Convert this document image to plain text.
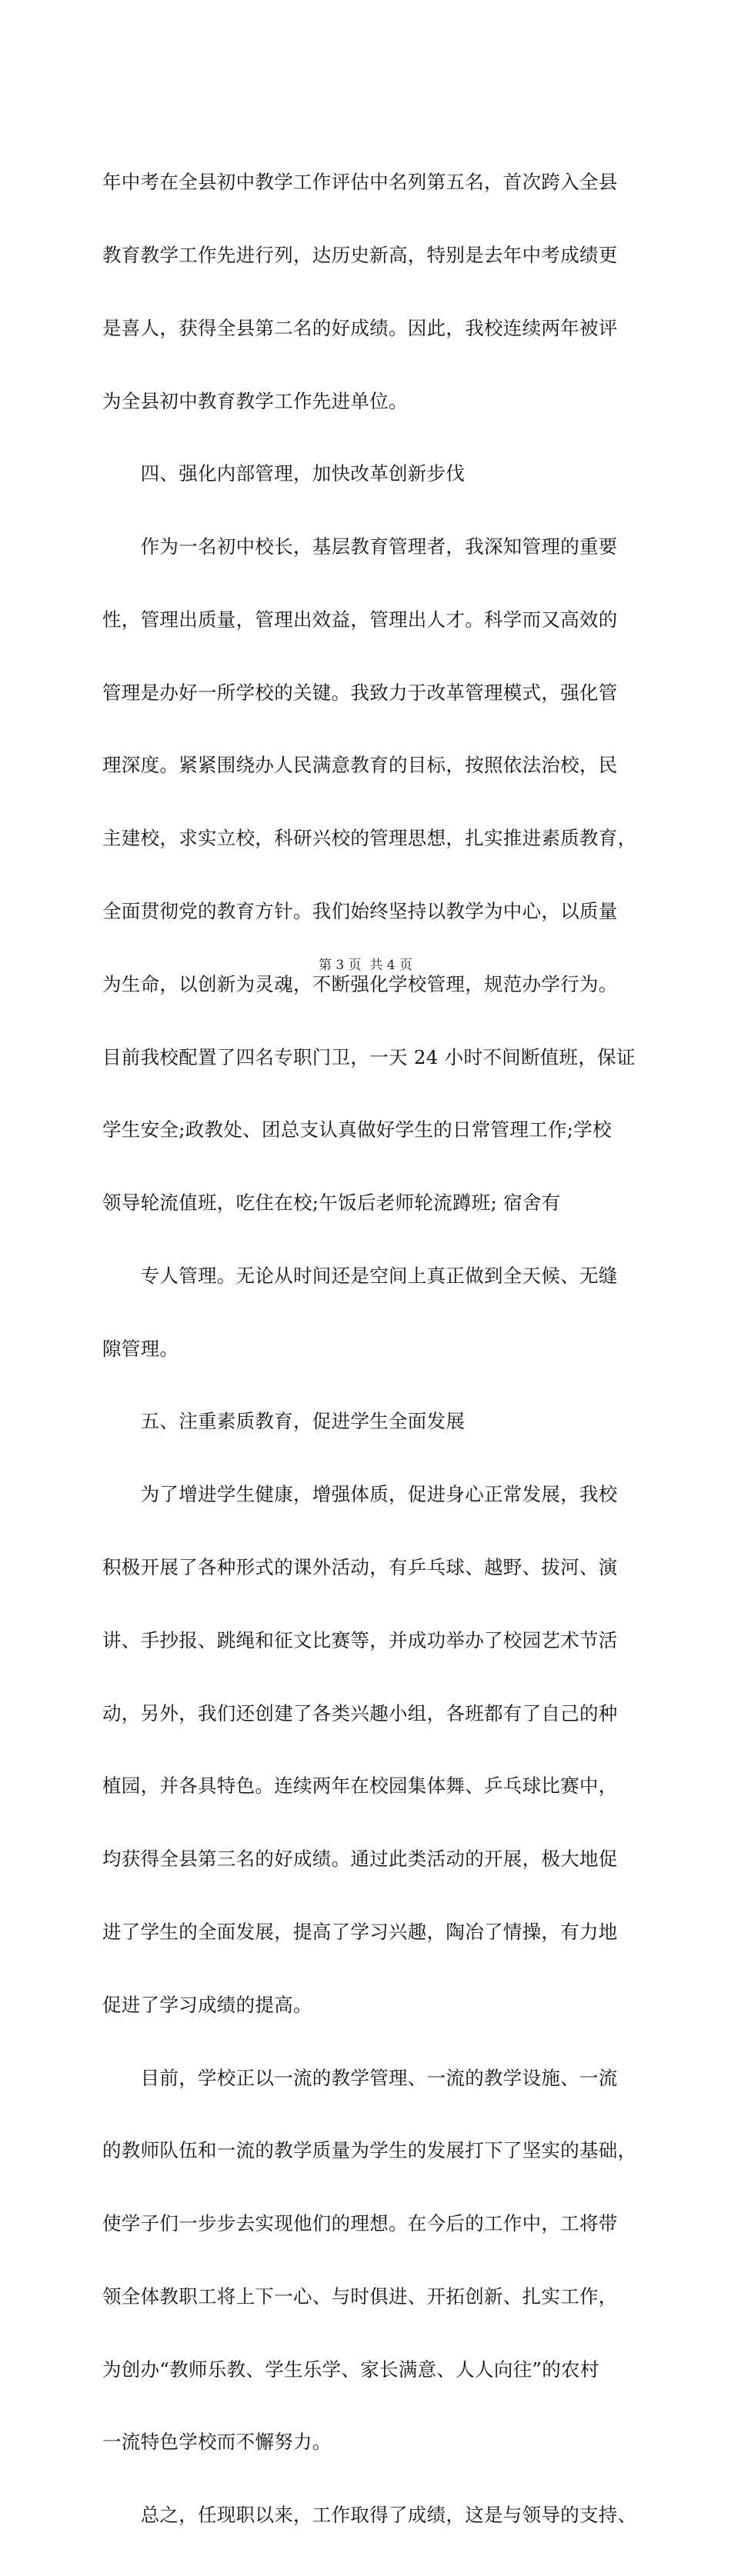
年中考在全县初中教学工作评估中名列第五名，首次跨入全县

教育教学工作先进行列，达历史新高，特别是去年中考成绩更

是喜人，获得全县第二名的好成绩。因此，我校连续两年被评

为全县初中教育教学工作先进单位。

　　四、强化内部管理，加快改革创新步伐

　　作为一名初中校长，基层教育管理者，我深知管理的重要

性，管理出质量，管理出效益，管理出人才。科学而又高效的

管理是办好一所学校的关键。我致力于改革管理模式，强化管

理深度。紧紧围绕办人民满意教育的目标，按照依法治校，民

主建校，求实立校，科研兴校的管理思想，扎实推进素质教育，

全面贯彻党的教育方针。我们始终坚持以教学为中心，以质量

为生命，以创新为灵魂，不断强化学校管理，规范办学行为。

目前我校配置了四名专职门卫，一天 24 小时不间断值班，保证

学生安全;政教处、团总支认真做好学生的日常管理工作;学校

领导轮流值班，吃住在校;午饭后老师轮流蹲班; 宿舍有

　　专人管理。无论从时间还是空间上真正做到全天候、无缝

隙管理。

　　五、注重素质教育，促进学生全面发展

　　为了增进学生健康，增强体质，促进身心正常发展，我校

积极开展了各种形式的课外活动，有乒乓球、越野、拔河、演

讲、手抄报、跳绳和征文比赛等，并成功举办了校园艺术节活

动，另外，我们还创建了各类兴趣小组，各班都有了自己的种

植园，并各具特色。连续两年在校园集体舞、乒乓球比赛中，

均获得全县第三名的好成绩。通过此类活动的开展，极大地促

进了学生的全面发展，提高了学习兴趣，陶冶了情操，有力地

促进了学习成绩的提高。

　　目前，学校正以一流的教学管理、一流的教学设施、一流

的教师队伍和一流的教学质量为学生的发展打下了坚实的基础，

使学子们一步步去实现他们的理想。在今后的工作中，工将带

领全体教职工将上下一心、与时俱进、开拓创新、扎实工作，

为创办“教师乐教、学生乐学、家长满意、人人向往”的农村

一流特色学校而不懈努力。

　　总之，任现职以来，工作取得了成绩，这是与领导的支持、

第 3 页  共 4 页
